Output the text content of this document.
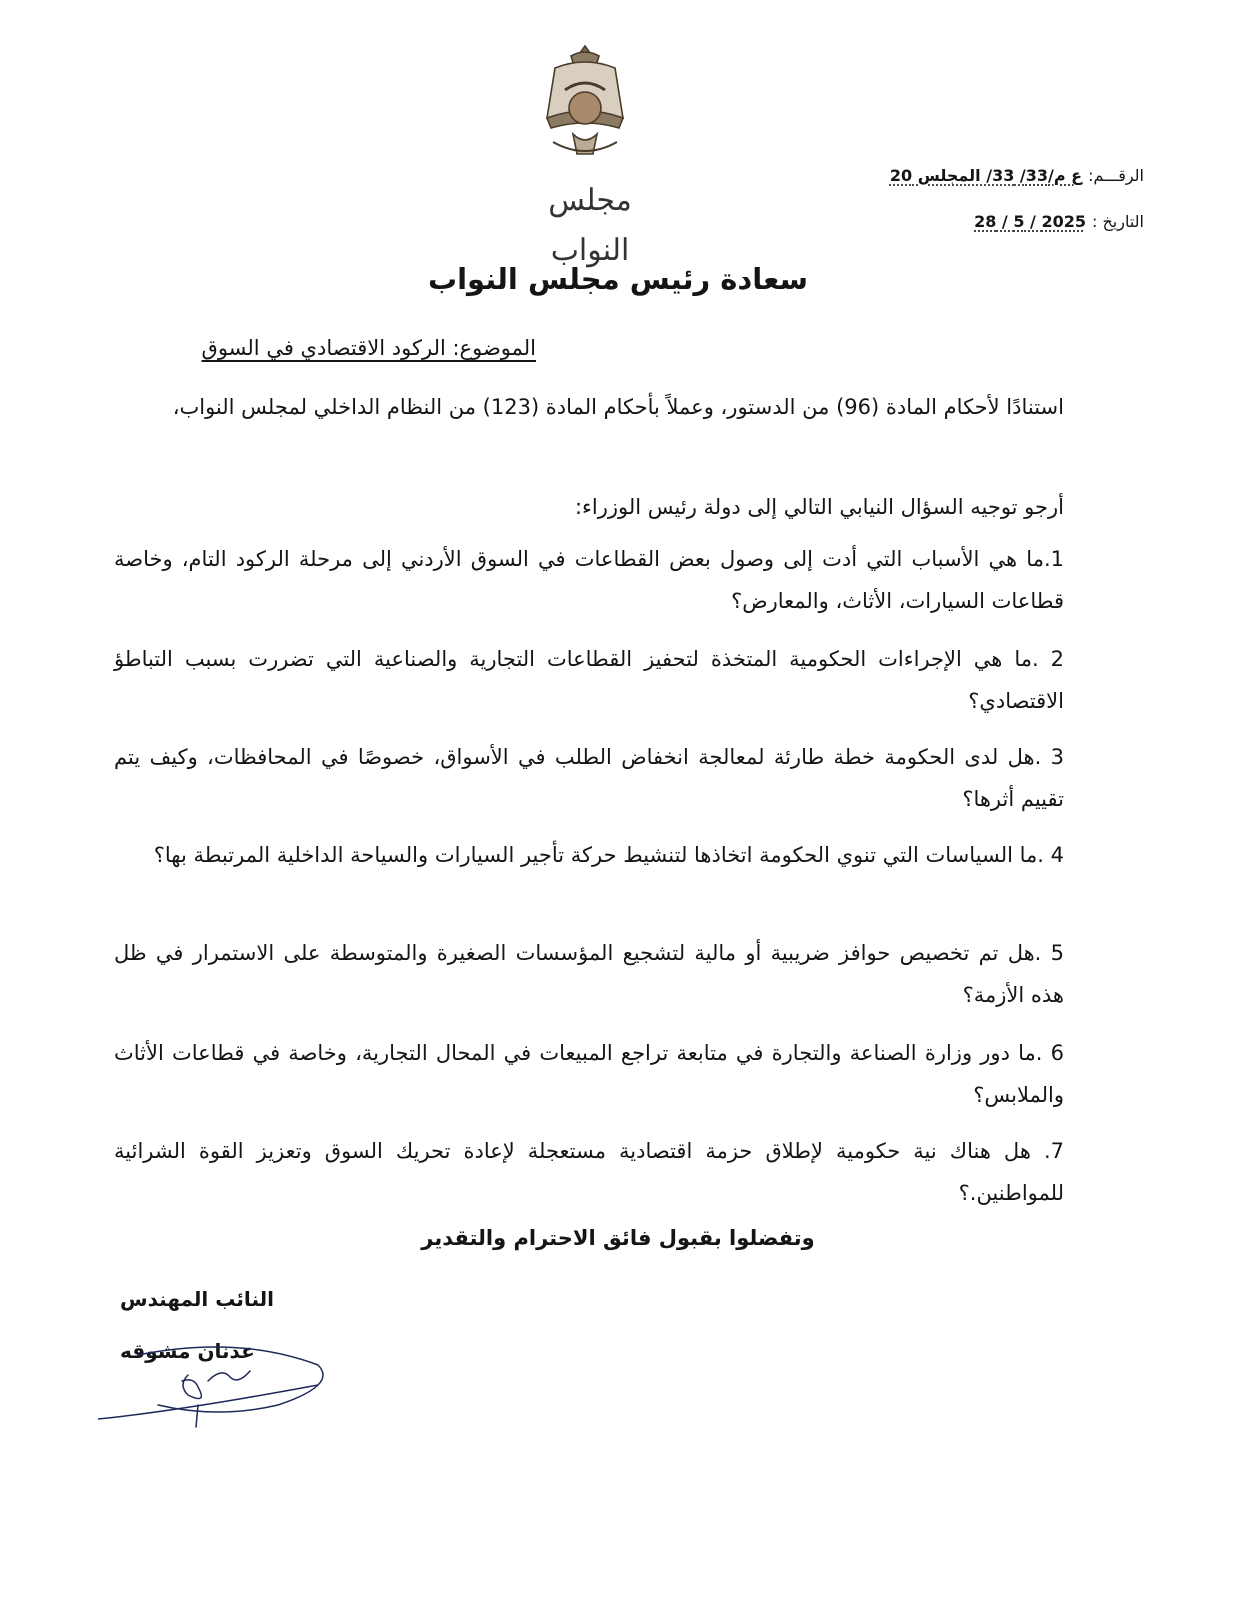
مجلس النواب
الرقـــم:ع م/33/ 33/ المجلس 20
التاريخ :2025 / 5 / 28
سعادة رئيس مجلس النواب
الموضوع: الركود الاقتصادي في السوق
استنادًا لأحكام المادة (96) من الدستور، وعملاً بأحكام المادة (123) من النظام الداخلي لمجلس النواب،
أرجو توجيه السؤال النيابي التالي إلى دولة رئيس الوزراء:
1.ما هي الأسباب التي أدت إلى وصول بعض القطاعات في السوق الأردني إلى مرحلة الركود التام، وخاصة قطاعات السيارات، الأثاث، والمعارض؟
2 .ما هي الإجراءات الحكومية المتخذة لتحفيز القطاعات التجارية والصناعية التي تضررت بسبب التباطؤ الاقتصادي؟
3 .هل لدى الحكومة خطة طارئة لمعالجة انخفاض الطلب في الأسواق، خصوصًا في المحافظات، وكيف يتم تقييم أثرها؟
4 .ما السياسات التي تنوي الحكومة اتخاذها لتنشيط حركة تأجير السيارات والسياحة الداخلية المرتبطة بها؟
5 .هل تم تخصيص حوافز ضريبية أو مالية لتشجيع المؤسسات الصغيرة والمتوسطة على الاستمرار في ظل هذه الأزمة؟
6 .ما دور وزارة الصناعة والتجارة في متابعة تراجع المبيعات في المحال التجارية، وخاصة في قطاعات الأثاث والملابس؟
7. هل هناك نية حكومية لإطلاق حزمة اقتصادية مستعجلة لإعادة تحريك السوق وتعزيز القوة الشرائية للمواطنين.؟
وتفضلوا بقبول فائق الاحترام والتقدير
النائب المهندس
عدنان مشوقه
